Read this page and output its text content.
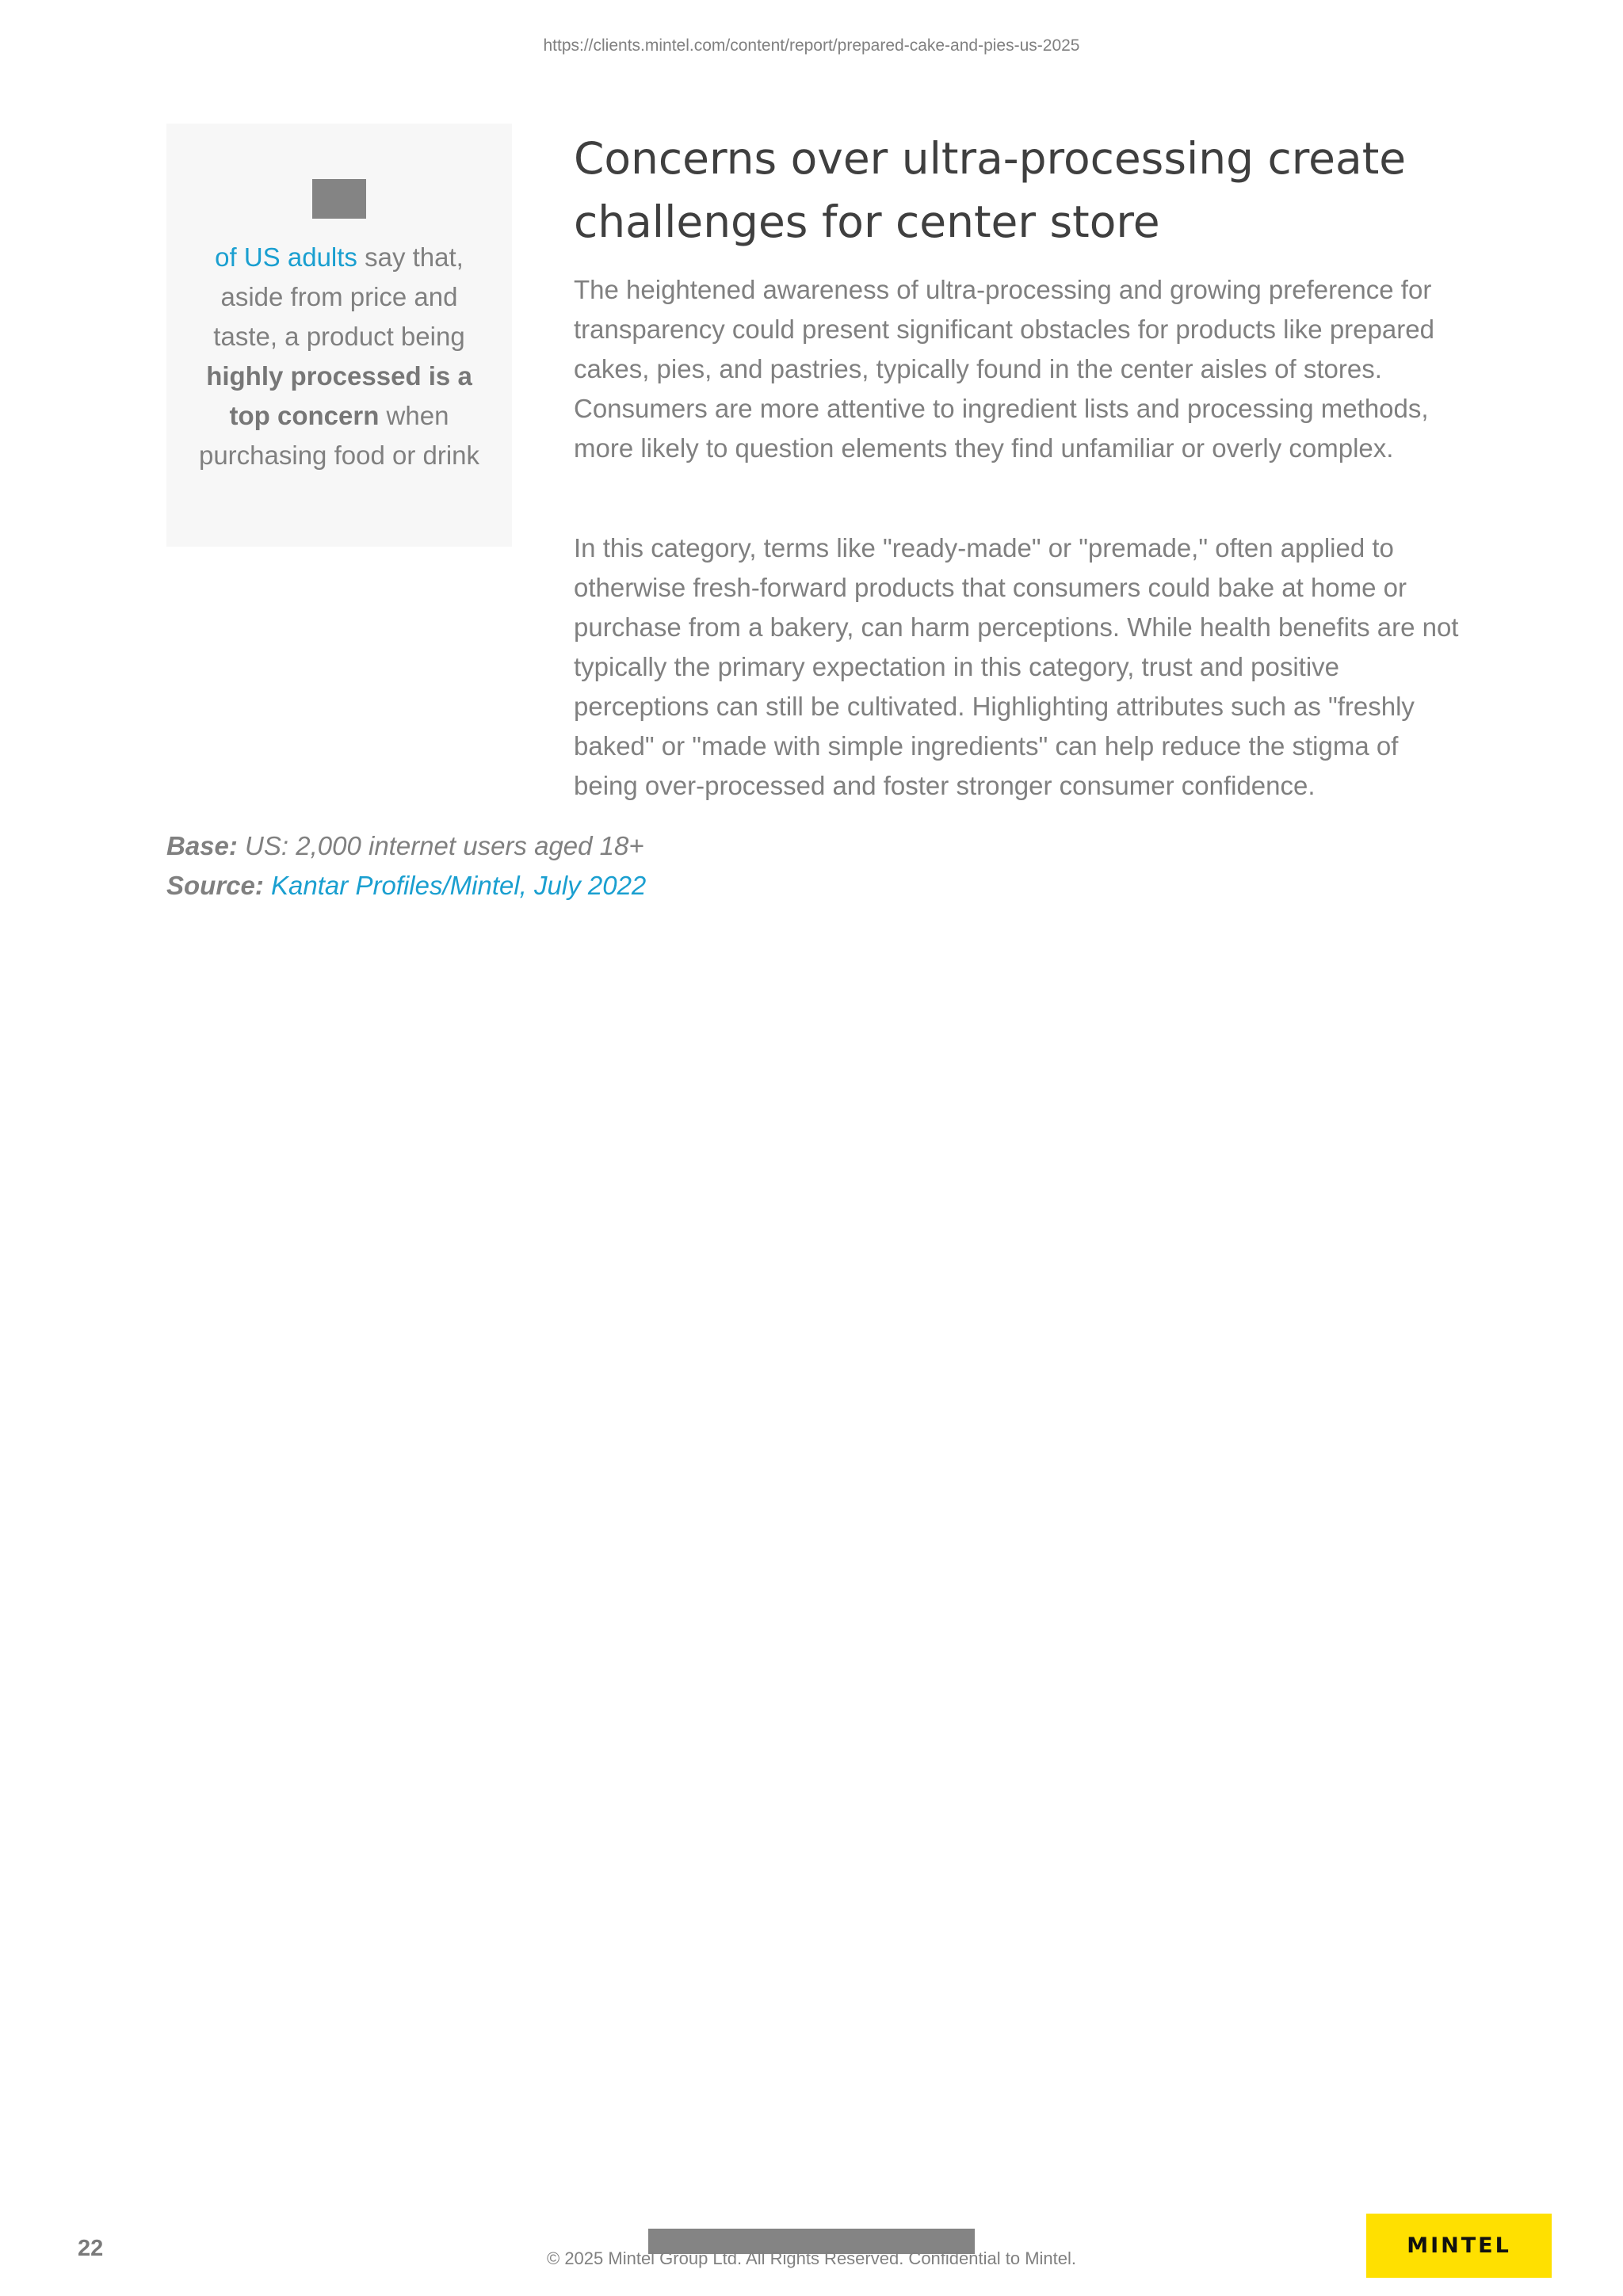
https://clients.mintel.com/content/report/prepared-cake-and-pies-us-2025
of US adults say that, aside from price and taste, a product being highly processed is a top concern when purchasing food or drink
Concerns over ultra-processing create challenges for center store

The heightened awareness of ultra-processing and growing preference for transparency could present significant obstacles for products like prepared cakes, pies, and pastries, typically found in the center aisles of stores. Consumers are more attentive to ingredient lists and processing methods, more likely to question elements they find unfamiliar or overly complex.

In this category, terms like "ready-made" or "premade," often applied to otherwise fresh-forward products that consumers could bake at home or purchase from a bakery, can harm perceptions. While health benefits are not typically the primary expectation in this category, trust and positive perceptions can still be cultivated. Highlighting attributes such as "freshly baked" or "made with simple ingredients" can help reduce the stigma of being over-processed and foster stronger consumer confidence.

Base: US: 2,000 internet users aged 18+
Source: Kantar Profiles/Mintel, July 2022
22	© 2025 Mintel Group Ltd. All Rights Reserved. Confidential to Mintel.
MINTEL
